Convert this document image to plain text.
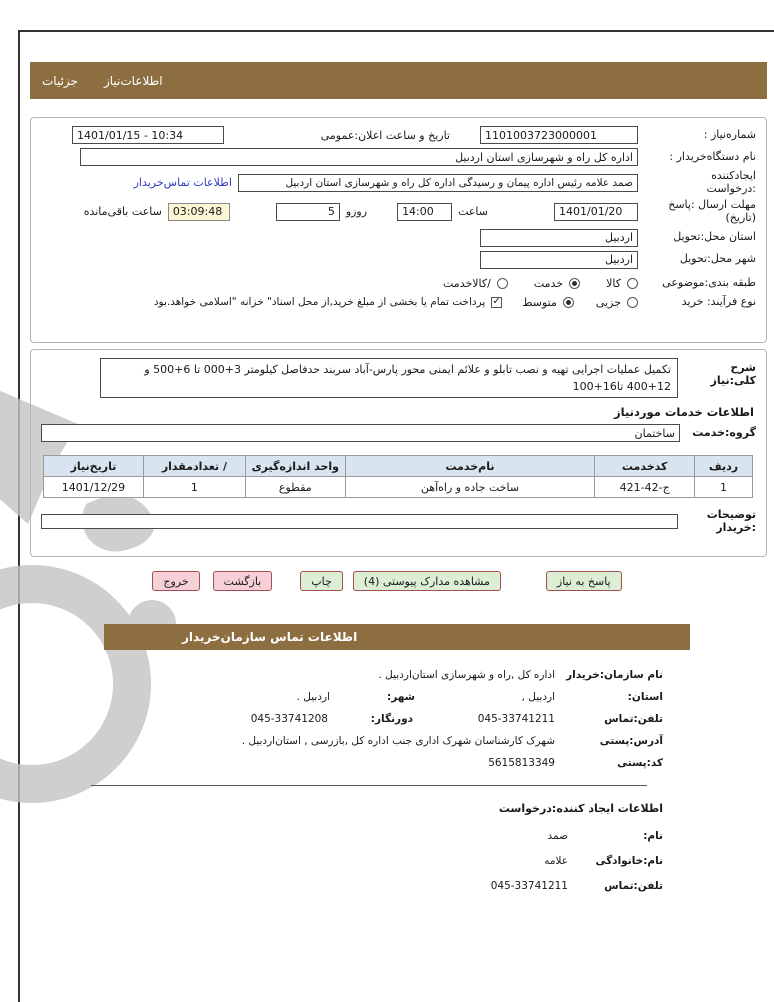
اطلاعات‌نیاز
جزئیات
شماره‌نیاز :
1101003723000001
تاریخ و ساعت اعلان:عمومی
1401/01/15 - 10:34
نام دستگاه‌خریدار :
اداره کل راه و شهرسازی استان اردبیل
ایجادکننده
:درخواست
صمد علامه رئیس اداره پیمان و رسیدگی اداره کل راه و شهرسازی استان اردبیل
اطلاعات تماس‌خریدار
مهلت ارسال :پاسخ
(تاریخ)
1401/01/20
ساعت
14:00
روزو
5
03:09:48
ساعت باقی‌مانده
استان محل:تحویل
اردبیل
شهر محل:تحویل
اردبیل
طبقه بندی:موضوعی
کالا
خدمت
/کالاخدمت
نوع فرآیند: خرید
جزیی
متوسط
✓
پرداخت تمام یا بخشی از مبلغ خرید,از محل اسناد" خزانه "اسلامی خواهد.بود
شرح کلی:نیاز
تکمیل عملیات اجرایی تهیه و نصب تابلو و علائم ایمنی محور پارس-آباد سربند حدفاصل کیلومتر 3+000 تا 6+500 و 12+400 تا16+100
اطلاعات خدمات موردنیاز
گروه:خدمت
ساختمان
ردیف	کدخدمت	نام‌خدمت	واحد اندازه‌گیری	/ تعدادمقدار	تاریخ‌نیاز
1	ج-42-421	ساخت جاده و راه‌آهن	مقطوع	1	1401/12/29
توضیحات
:خریدار
پاسخ به نیاز
مشاهده مدارک پیوستی (4)
چاپ
بازگشت
خروج
اطلاعات تماس سازمان‌خریدار
نام سازمان:خریدار
اداره کل ,راه و شهرسازی استان‌اردبیل .
استان:
اردبیل ,
شهر:
اردبیل .
تلفن:تماس
045-33741211
دورنگار:
045-33741208
آدرس:پستی
شهرک کارشناسان شهرک اداری جنب اداره کل ,بازرسی , استان‌اردبیل .
کد:پستی
5615813349
اطلاعات ایجاد کننده:درخواست
نام:
صمد
نام:خانوادگی
علامه
تلفن:تماس
045-33741211
